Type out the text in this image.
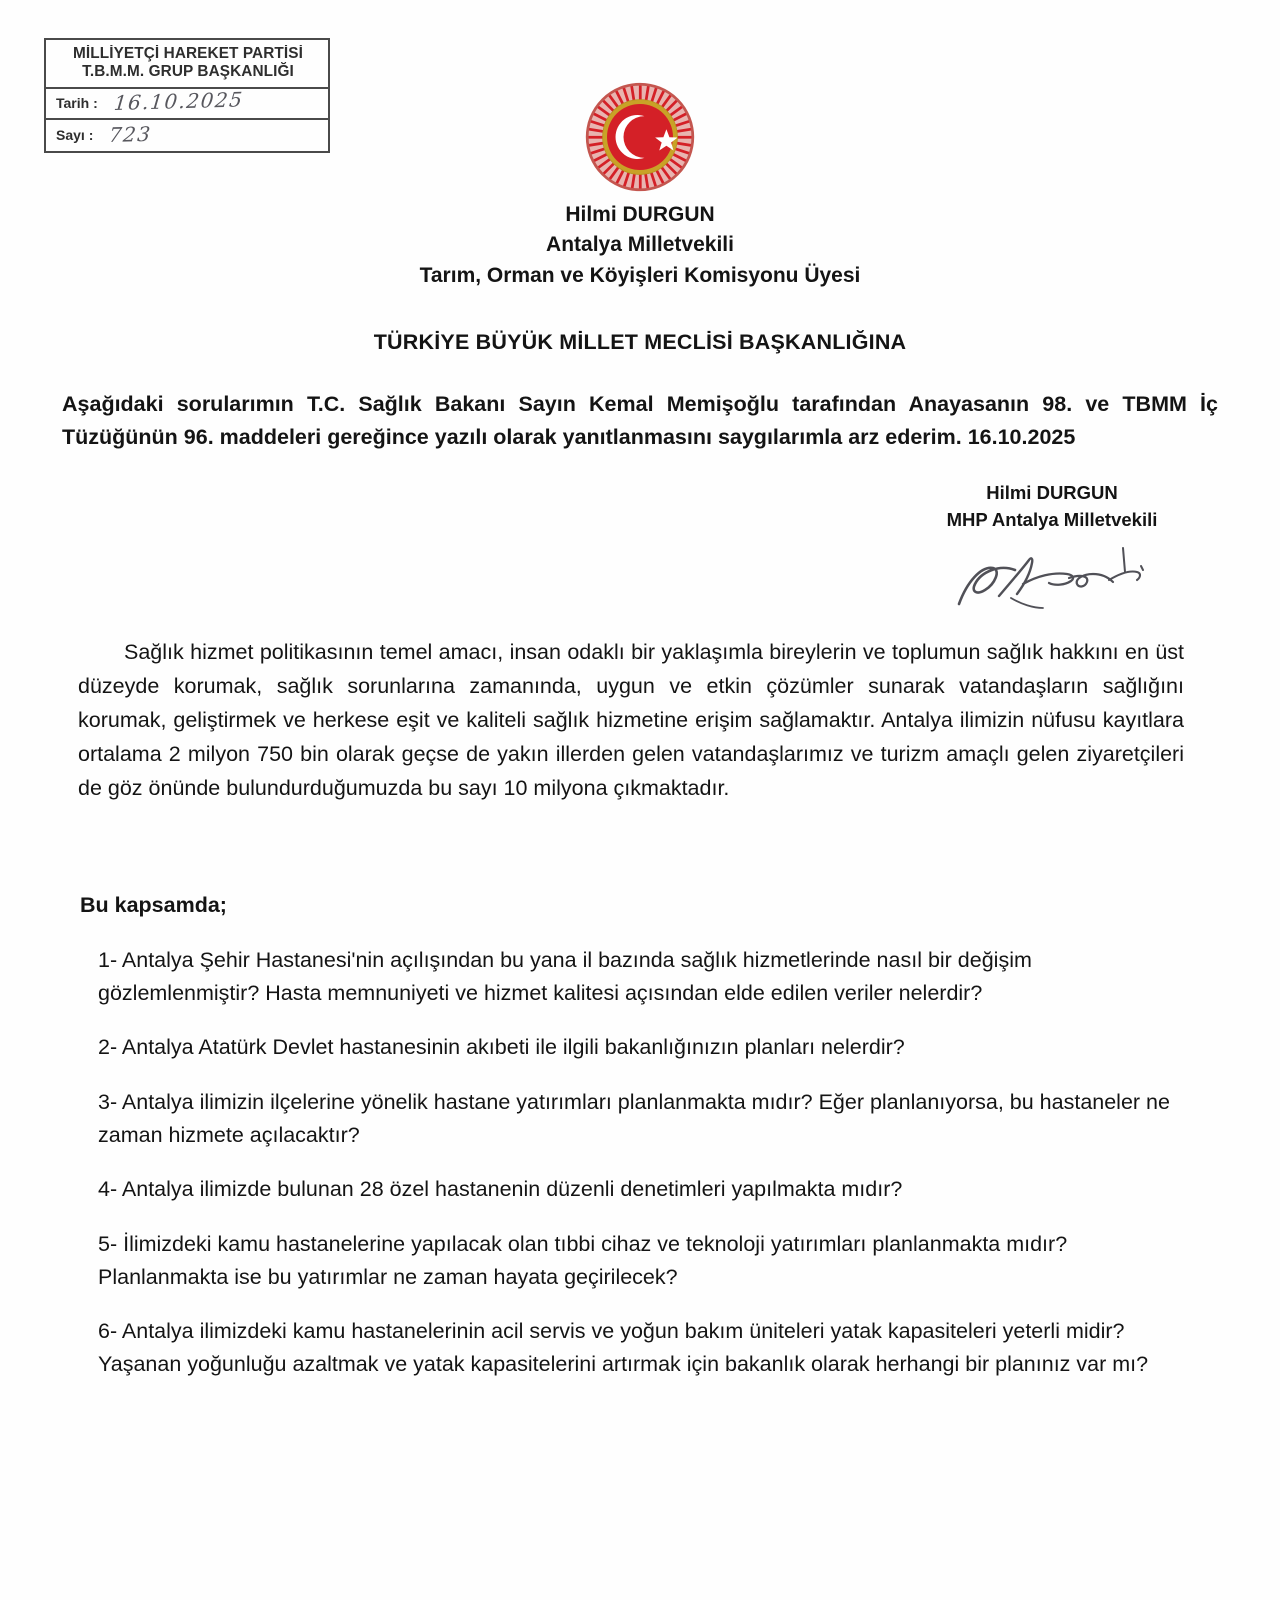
MİLLİYETÇİ HAREKET PARTİSİ
T.B.M.M. GRUP BAŞKANLIĞI
Tarih : 16.10.2025
Sayı : 723
Hilmi DURGUN
Antalya Milletvekili
Tarım, Orman ve Köyişleri Komisyonu Üyesi
TÜRKİYE BÜYÜK MİLLET MECLİSİ BAŞKANLIĞINA
Aşağıdaki sorularımın T.C. Sağlık Bakanı Sayın Kemal Memişoğlu tarafından Anayasanın 98. ve TBMM İç Tüzüğünün 96. maddeleri gereğince yazılı olarak yanıtlanmasını saygılarımla arz ederim. 16.10.2025
Hilmi DURGUN
MHP Antalya Milletvekili
Sağlık hizmet politikasının temel amacı, insan odaklı bir yaklaşımla bireylerin ve toplumun sağlık hakkını en üst düzeyde korumak, sağlık sorunlarına zamanında, uygun ve etkin çözümler sunarak vatandaşların sağlığını korumak, geliştirmek ve herkese eşit ve kaliteli sağlık hizmetine erişim sağlamaktır. Antalya ilimizin nüfusu kayıtlara ortalama 2 milyon 750 bin olarak geçse de yakın illerden gelen vatandaşlarımız ve turizm amaçlı gelen ziyaretçileri de göz önünde bulundurduğumuzda bu sayı 10 milyona çıkmaktadır.
Bu kapsamda;
1- Antalya Şehir Hastanesi'nin açılışından bu yana il bazında sağlık hizmetlerinde nasıl bir değişim gözlemlenmiştir? Hasta memnuniyeti ve hizmet kalitesi açısından elde edilen veriler nelerdir?
2- Antalya Atatürk Devlet hastanesinin akıbeti ile ilgili bakanlığınızın planları nelerdir?
3- Antalya ilimizin ilçelerine yönelik hastane yatırımları planlanmakta mıdır? Eğer planlanıyorsa, bu hastaneler ne zaman hizmete açılacaktır?
4- Antalya ilimizde bulunan 28 özel hastanenin düzenli denetimleri yapılmakta mıdır?
5- İlimizdeki kamu hastanelerine yapılacak olan tıbbi cihaz ve teknoloji yatırımları planlanmakta mıdır? Planlanmakta ise bu yatırımlar ne zaman hayata geçirilecek?
6- Antalya ilimizdeki kamu hastanelerinin acil servis ve yoğun bakım üniteleri yatak kapasiteleri yeterli midir? Yaşanan yoğunluğu azaltmak ve yatak kapasitelerini artırmak için bakanlık olarak herhangi bir planınız var mı?
